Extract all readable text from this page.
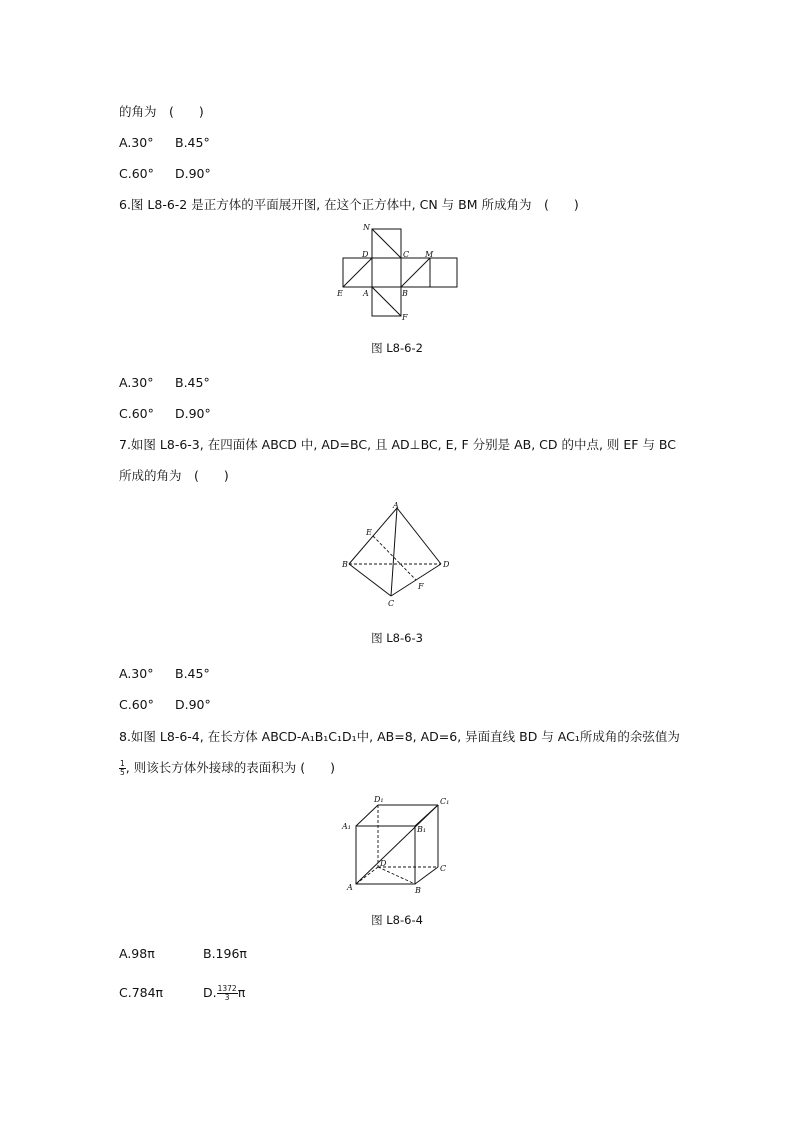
的角为　(　　)
A.30° B.45°
C.60° D.90°
6.图 L8-6-2 是正方体的平面展开图, 在这个正方体中, CN 与 BM 所成角为　(　　)
N
D	C M
E	A	B
F
图 L8-6-2
A.30° B.45°
C.60° D.90°
7.如图 L8-6-3, 在四面体 ABCD 中, AD=BC, 且 AD⊥BC, E, F 分别是 AB, CD 的中点, 则 EF 与 BC
所成的角为　(　　)
A
B
C
D
E
F
图 L8-6-3
A.30° B.45°
C.60° D.90°
8.如图 L8-6-4, 在长方体 ABCD-A₁B₁C₁D₁中, AB=8, AD=6, 异面直线 BD 与 AC₁所成角的余弦值为
$\frac{1}{5}$ , 则该长方体外接球的表面积为 (　　)
D₁	C₁
A₁	B₁
D
C
A	B
图 L8-6-4
A.98π	B.196π
C.784π	D. $\frac{1372}{3}$ π
